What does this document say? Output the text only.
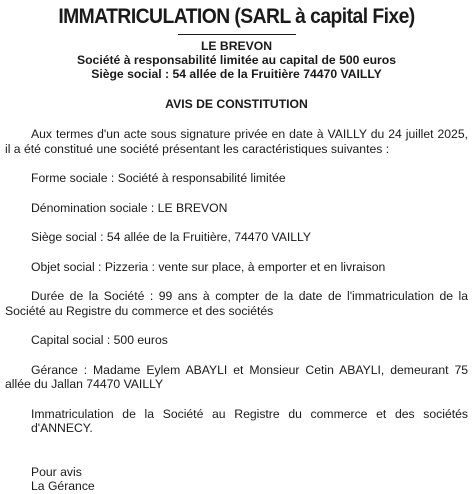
IMMATRICULATION (SARL à capital Fixe)
LE BREVON
Société à responsabilité limitée au capital de 500 euros
Siège social : 54 allée de la Fruitière 74470 VAILLY
AVIS DE CONSTITUTION

Aux termes d'un acte sous signature privée en date à VAILLY du 24 juillet 2025, il a été constitué une société présentant les caractéristiques suivantes :

Forme sociale : Société à responsabilité limitée

Dénomination sociale : LE BREVON

Siège social : 54 allée de la Fruitière, 74470 VAILLY

Objet social : Pizzeria : vente sur place, à emporter et en livraison

Durée de la Société : 99 ans à compter de la date de l'immatriculation de la Société au Registre du commerce et des sociétés

Capital social : 500 euros

Gérance : Madame Eylem ABAYLI et Monsieur Cetin ABAYLI, demeurant 75 allée du Jallan 74470 VAILLY

Immatriculation de la Société au Registre du commerce et des sociétés d'ANNECY.

Pour avis
La Gérance
